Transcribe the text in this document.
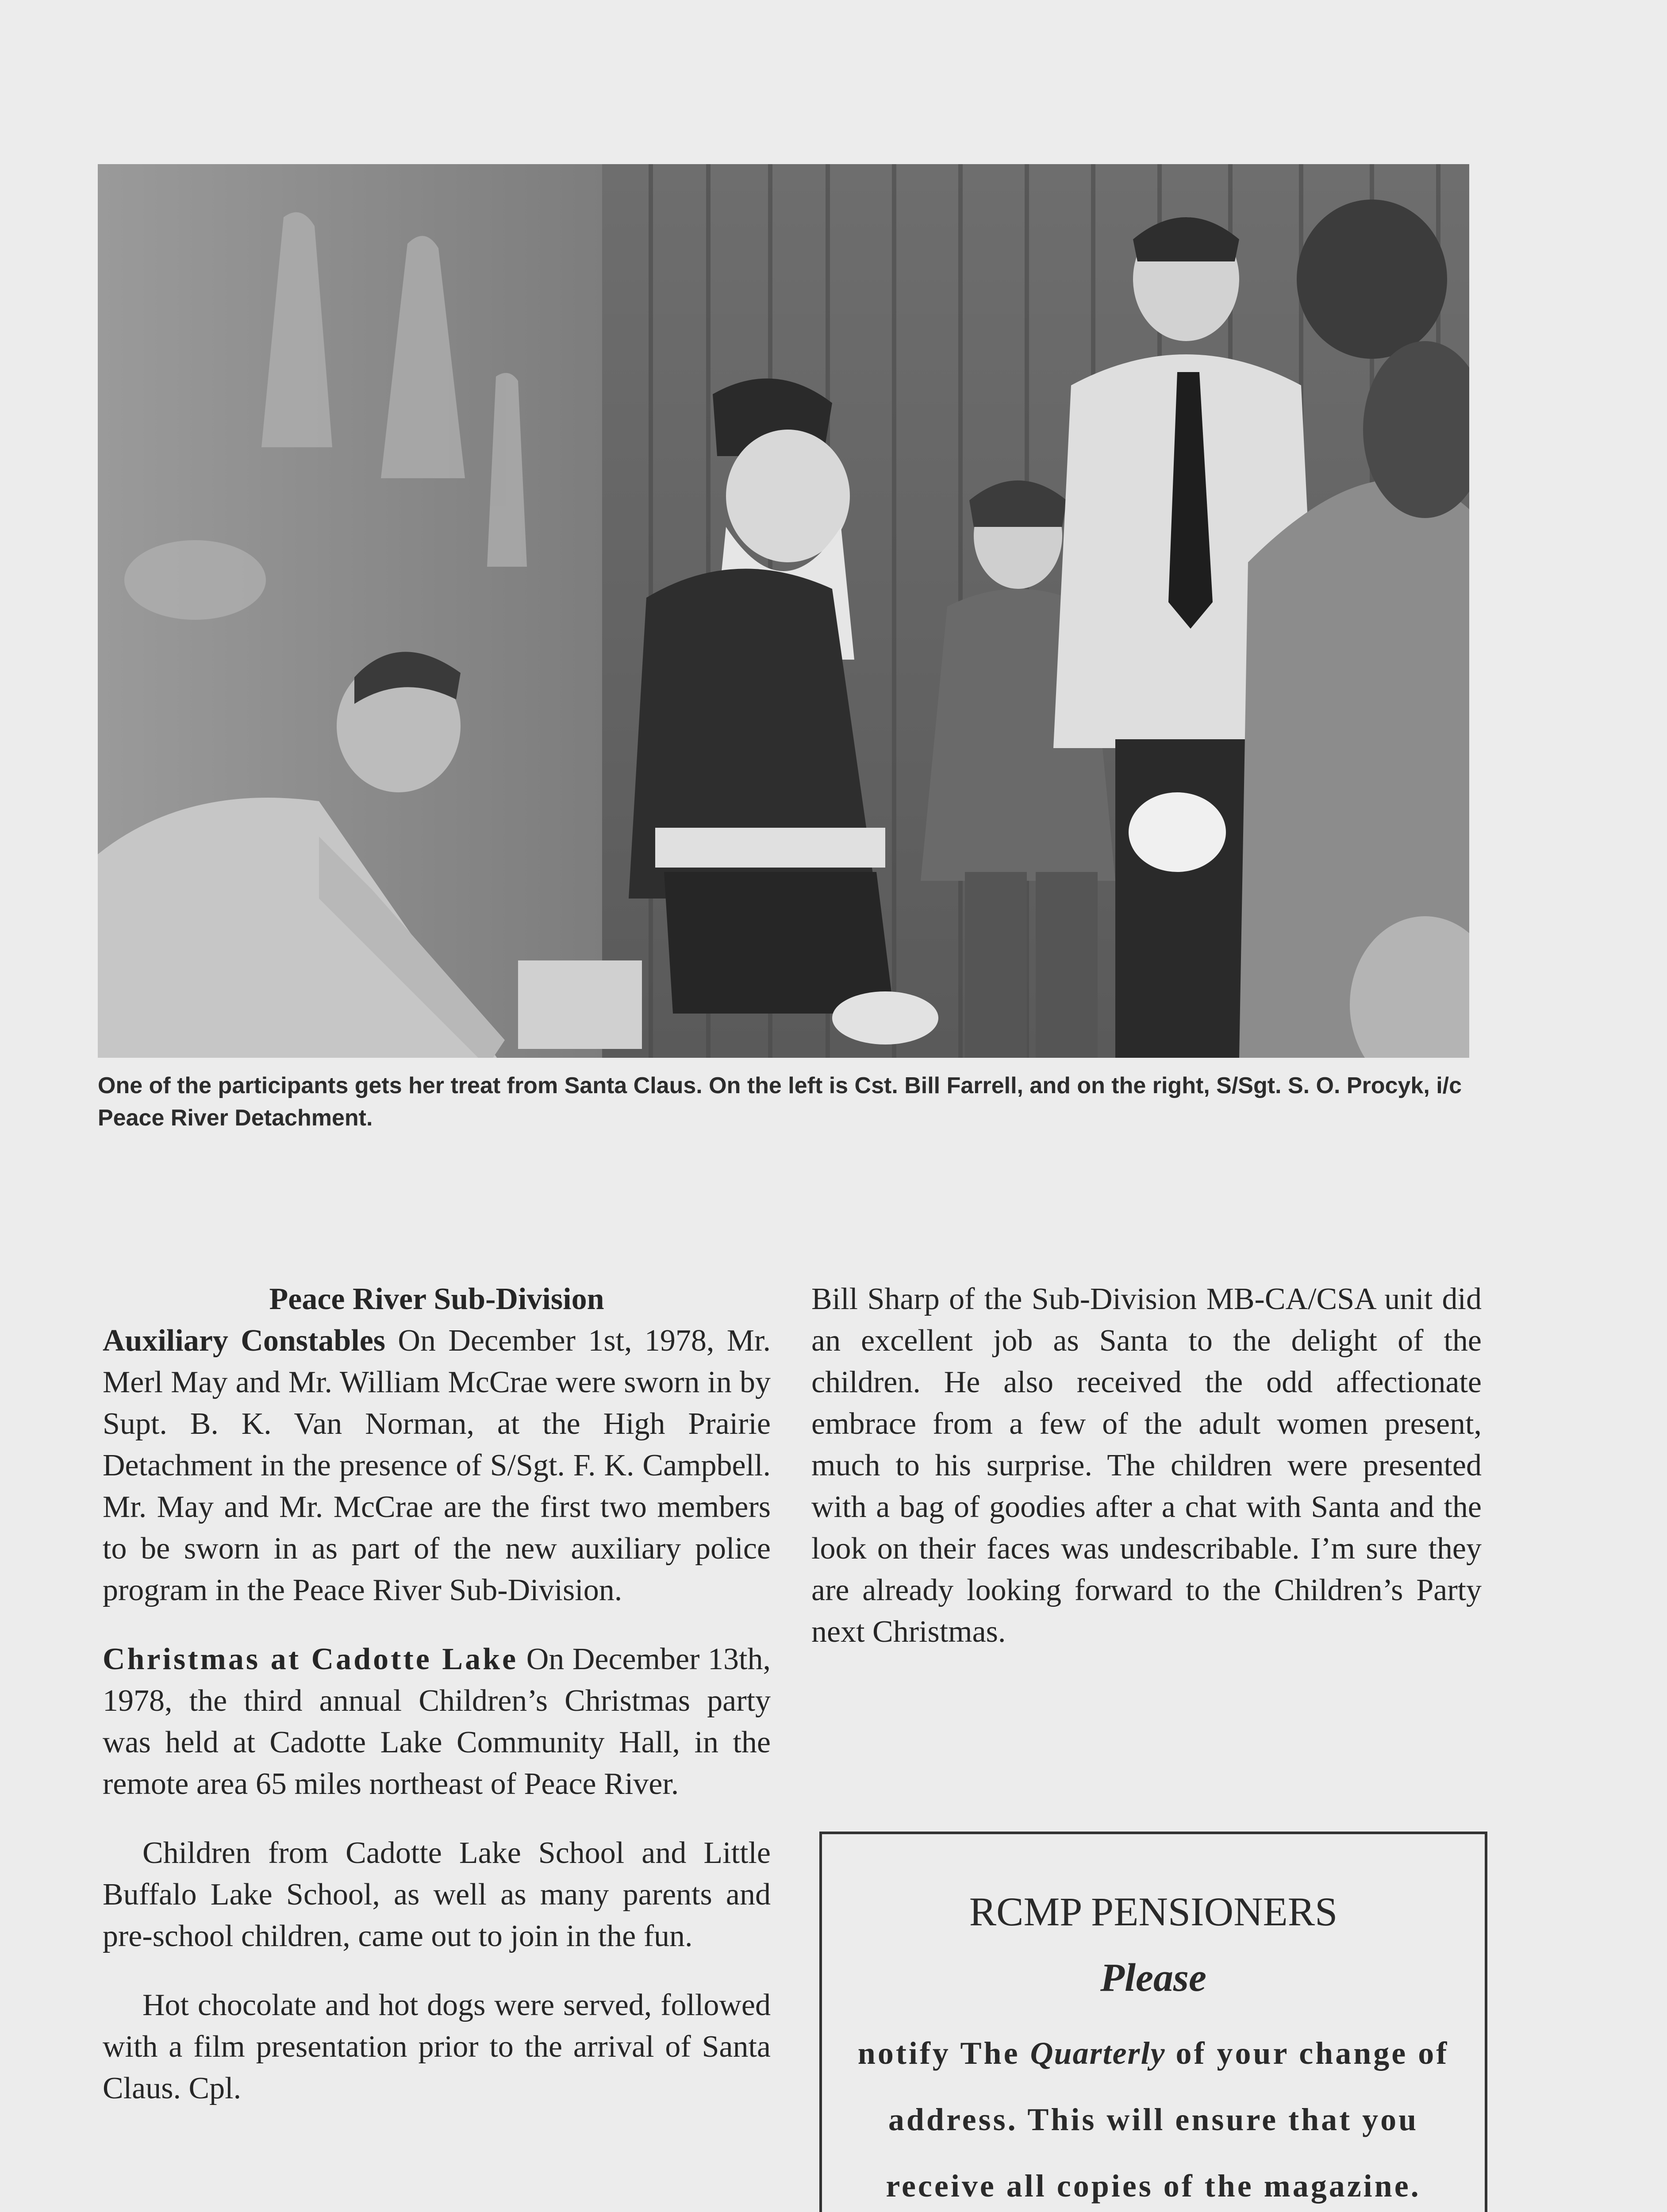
One of the participants gets her treat from Santa Claus. On the left is Cst. Bill Farrell, and on the right, S/Sgt. S. O. Procyk, i/c Peace River Detachment.

Peace River Sub-Division

Auxiliary Constables On December 1st, 1978, Mr. Merl May and Mr. William McCrae were sworn in by Supt. B. K. Van Norman, at the High Prairie Detachment in the presence of S/Sgt. F. K. Campbell. Mr. May and Mr. McCrae are the first two members to be sworn in as part of the new auxiliary police program in the Peace River Sub-Division.

Christmas at Cadotte Lake On December 13th, 1978, the third annual Children’s Christmas party was held at Cadotte Lake Community Hall, in the remote area 65 miles northeast of Peace River.

Children from Cadotte Lake School and Little Buffalo Lake School, as well as many parents and pre-school children, came out to join in the fun.

Hot chocolate and hot dogs were served, followed with a film presentation prior to the arrival of Santa Claus. Cpl.

Bill Sharp of the Sub-Division MB-CA/CSA unit did an excellent job as Santa to the delight of the children. He also received the odd affectionate embrace from a few of the adult women present, much to his surprise. The children were presented with a bag of goodies after a chat with Santa and the look on their faces was undescribable. I’m sure they are already looking forward to the Children’s Party next Christmas.

RCMP PENSIONERS
Please
notify The Quarterly of your change of address. This will ensure that you receive all copies of the magazine.
